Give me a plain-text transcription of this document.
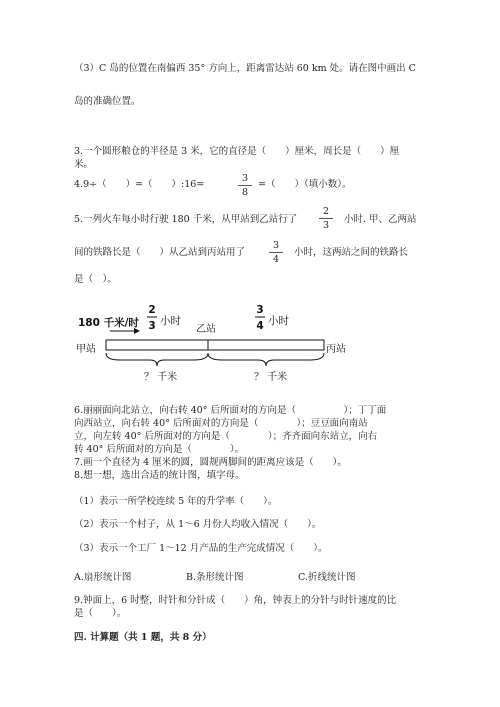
（3）C 岛的位置在南偏西 35° 方向上，距离雷达站 60 km 处。请在图中画出 C
岛的准确位置。
3.一个圆形粮仓的半径是 3 米，它的直径是（　　）厘米，周长是（　　）厘
米。
4.9÷（　　）=（　　）:16=
3
8
=（　　）（填小数）。
5.一列火车每小时行驶 180 千米，从甲站到乙站行了
2
3
小时. 甲、乙两站
间的铁路长是（　　）从乙站到丙站用了
3
4
小时，这两站之间的铁路长
是（　）。
180 千米/时
2
3 小时
乙站
3
4 小时
甲站	丙站
？ 千米	？ 千米
6.丽丽面向北站立，向右转 40° 后所面对的方向是（　　　　　）；丁丁面
向西站立，向右转 40° 后所面对的方向是（　　　　）；豆豆面向南站
立，向左转 40° 后所面对的方向是（　　　　）；齐齐面向东站立，向右
转 40° 后所面对的方向是（　　　　）。
7.画一个直径为 4 厘米的圆，圆规两脚间的距离应该是（　　）。
8.想一想，选出合适的统计图，填字母。
（1）表示一所学校连续 5 年的升学率（　　）。
（2）表示一个村子，从 1～6 月份人均收入情况（　　）。
（3）表示一个工厂 1～12 月产品的生产完成情况（　　）。
A.扇形统计图	B.条形统计图	C.折线统计图
9.钟面上，6 时整，时针和分针成（　　）角，钟表上的分针与时针速度的比
是（　　）。
四. 计算题（共 1 题，共 8 分）
